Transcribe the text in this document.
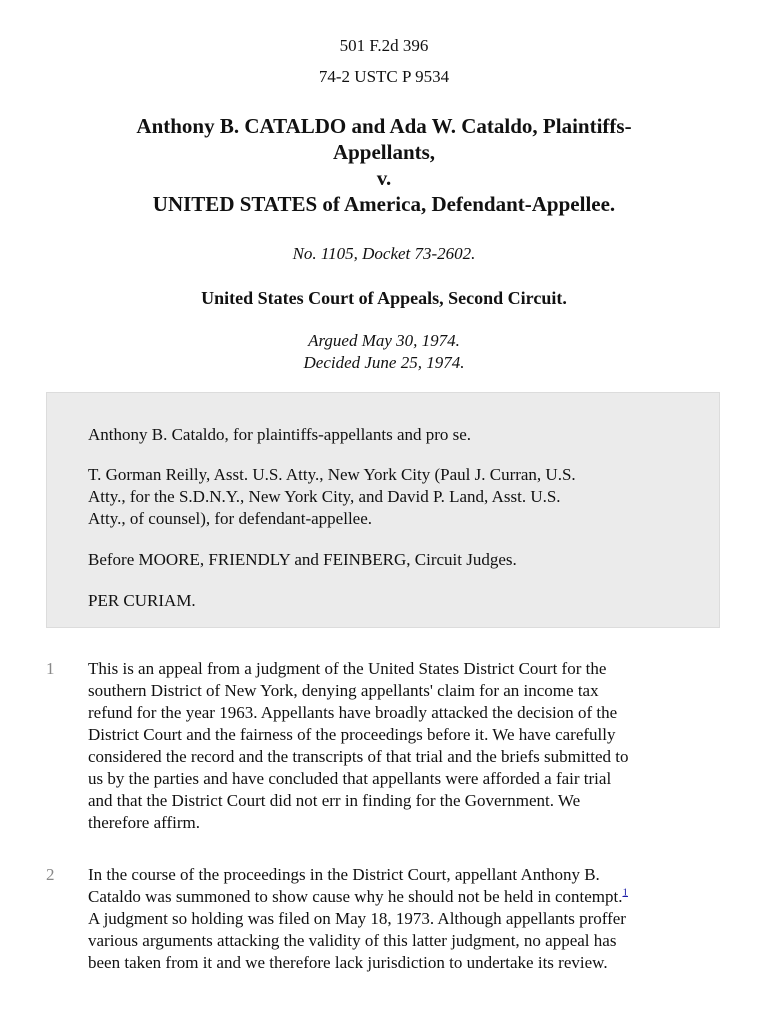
501 F.2d 396
74-2 USTC P 9534
Anthony B. CATALDO and Ada W. Cataldo, Plaintiffs-
Appellants,
v.
UNITED STATES of America, Defendant-Appellee.
No. 1105, Docket 73-2602.
United States Court of Appeals, Second Circuit.
Argued May 30, 1974.
Decided June 25, 1974.

Anthony B. Cataldo, for plaintiffs-appellants and pro se.

T. Gorman Reilly, Asst. U.S. Atty., New York City (Paul J. Curran, U.S.
Atty., for the S.D.N.Y., New York City, and David P. Land, Asst. U.S.
Atty., of counsel), for defendant-appellee.

Before MOORE, FRIENDLY and FEINBERG, Circuit Judges.

PER CURIAM.

1 This is an appeal from a judgment of the United States District Court for the
southern District of New York, denying appellants' claim for an income tax
refund for the year 1963. Appellants have broadly attacked the decision of the
District Court and the fairness of the proceedings before it. We have carefully
considered the record and the transcripts of that trial and the briefs submitted to
us by the parties and have concluded that appellants were afforded a fair trial
and that the District Court did not err in finding for the Government. We
therefore affirm.

2 In the course of the proceedings in the District Court, appellant Anthony B.
Cataldo was summoned to show cause why he should not be held in contempt.$^1$
A judgment so holding was filed on May 18, 1973. Although appellants proffer
various arguments attacking the validity of this latter judgment, no appeal has
been taken from it and we therefore lack jurisdiction to undertake its review.
